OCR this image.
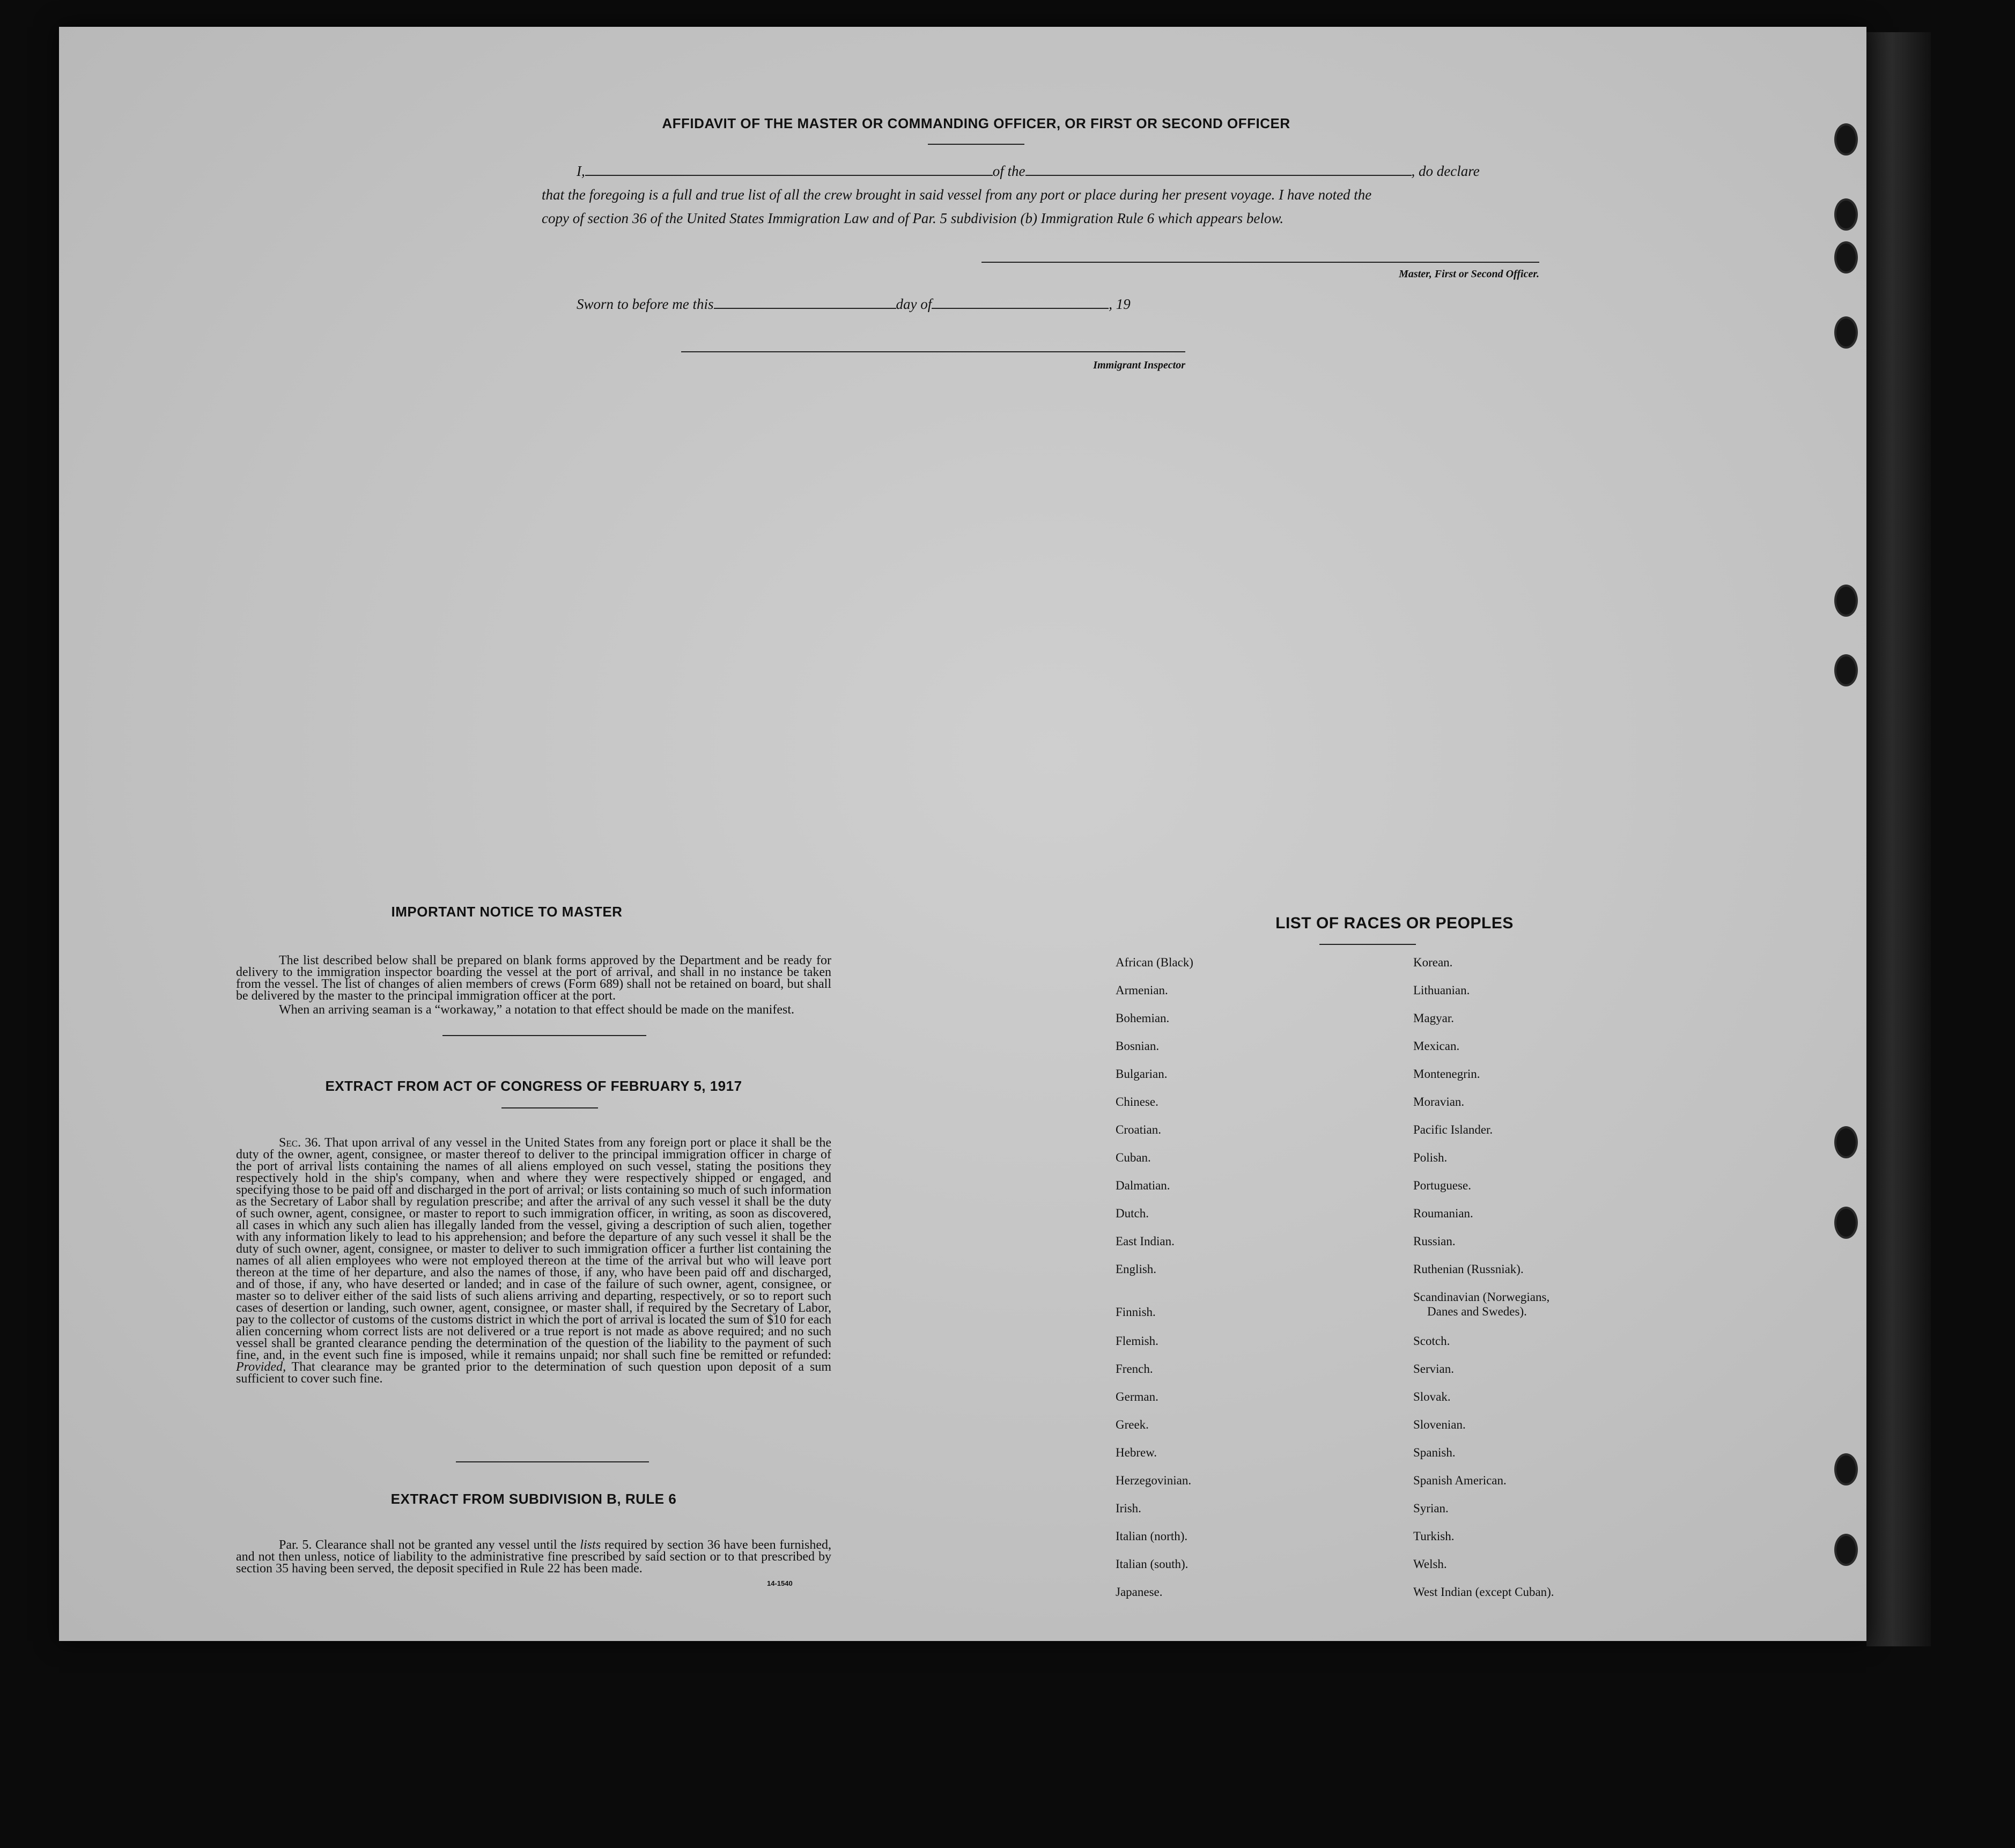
AFFIDAVIT OF THE MASTER OR COMMANDING OFFICER, OR FIRST OR SECOND OFFICER
I,	of the	, do declare
that the foregoing is a full and true list of all the crew brought in said vessel from any port or place during her present voyage. I have noted the
copy of section 36 of the United States Immigration Law and of Par. 5 subdivision (b) Immigration Rule 6 which appears below.
Master, First or Second Officer.
Sworn to before me this	day of	, 19
Immigrant Inspector
IMPORTANT NOTICE TO MASTER
The list described below shall be prepared on blank forms approved by the Department and be ready for delivery to the immigration inspector boarding the vessel at the port of arrival, and shall in no instance be taken from the vessel. The list of changes of alien members of crews (Form 689) shall not be retained on board, but shall be delivered by the master to the principal immigration officer at the port.
When an arriving seaman is a “workaway,” a notation to that effect should be made on the manifest.
EXTRACT FROM ACT OF CONGRESS OF FEBRUARY 5, 1917
Sec. 36. That upon arrival of any vessel in the United States from any foreign port or place it shall be the duty of the owner, agent, consignee, or master thereof to deliver to the principal immigration officer in charge of the port of arrival lists containing the names of all aliens employed on such vessel, stating the positions they respectively hold in the ship's company, when and where they were respectively shipped or engaged, and specifying those to be paid off and discharged in the port of arrival; or lists containing so much of such information as the Secretary of Labor shall by regulation prescribe; and after the arrival of any such vessel it shall be the duty of such owner, agent, consignee, or master to report to such immigration officer, in writing, as soon as discovered, all cases in which any such alien has illegally landed from the vessel, giving a description of such alien, together with any information likely to lead to his apprehension; and before the departure of any such vessel it shall be the duty of such owner, agent, consignee, or master to deliver to such immigration officer a further list containing the names of all alien employees who were not employed thereon at the time of the arrival but who will leave port thereon at the time of her departure, and also the names of those, if any, who have been paid off and discharged, and of those, if any, who have deserted or landed; and in case of the failure of such owner, agent, consignee, or master so to deliver either of the said lists of such aliens arriving and departing, respectively, or so to report such cases of desertion or landing, such owner, agent, consignee, or master shall, if required by the Secretary of Labor, pay to the collector of customs of the customs district in which the port of arrival is located the sum of $10 for each alien concerning whom correct lists are not delivered or a true report is not made as above required; and no such vessel shall be granted clearance pending the determination of the question of the liability to the payment of such fine, and, in the event such fine is imposed, while it remains unpaid; nor shall such fine be remitted or refunded: Provided, That clearance may be granted prior to the determination of such question upon deposit of a sum sufficient to cover such fine.
EXTRACT FROM SUBDIVISION B, RULE 6
Par. 5. Clearance shall not be granted any vessel until the lists required by section 36 have been furnished, and not then unless, notice of liability to the administrative fine prescribed by said section or to that prescribed by section 35 having been served, the deposit specified in Rule 22 has been made.
14-1540
LIST OF RACES OR PEOPLES
African (Black)
Armenian.
Bohemian.
Bosnian.
Bulgarian.
Chinese.
Croatian.
Cuban.
Dalmatian.
Dutch.
East Indian.
English.
Finnish.
Flemish.
French.
German.
Greek.
Hebrew.
Herzegovinian.
Irish.
Italian (north).
Italian (south).
Japanese.
Korean.
Lithuanian.
Magyar.
Mexican.
Montenegrin.
Moravian.
Pacific Islander.
Polish.
Portuguese.
Roumanian.
Russian.
Ruthenian (Russniak).
Scandinavian (Norwegians,
Danes and Swedes).
Scotch.
Servian.
Slovak.
Slovenian.
Spanish.
Spanish American.
Syrian.
Turkish.
Welsh.
West Indian (except Cuban).
